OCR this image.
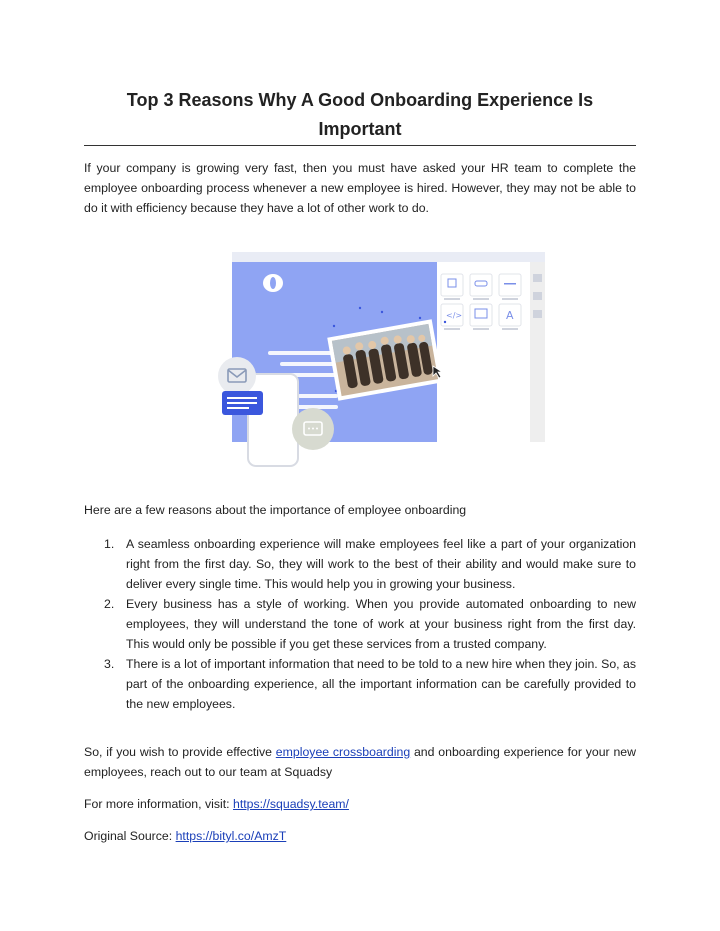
Top 3 Reasons Why A Good Onboarding Experience Is Important

If your company is growing very fast, then you must have asked your HR team to complete the employee onboarding process whenever a new employee is hired. However, they may not be able to do it with efficiency because they have a lot of other work to do.

</>	A

Here are a few reasons about the importance of employee onboarding

1. A seamless onboarding experience will make employees feel like a part of your organization right from the first day. So, they will work to the best of their ability and would make sure to deliver every single time. This would help you in growing your business.
2. Every business has a style of working. When you provide automated onboarding to new employees, they will understand the tone of work at your business right from the first day. This would only be possible if you get these services from a trusted company.
3. There is a lot of important information that need to be told to a new hire when they join. So, as part of the onboarding experience, all the important information can be carefully provided to the new employees.

So, if you wish to provide effective employee crossboarding and onboarding experience for your new employees, reach out to our team at Squadsy

For more information, visit: https://squadsy.team/

Original Source: https://bityl.co/AmzT
